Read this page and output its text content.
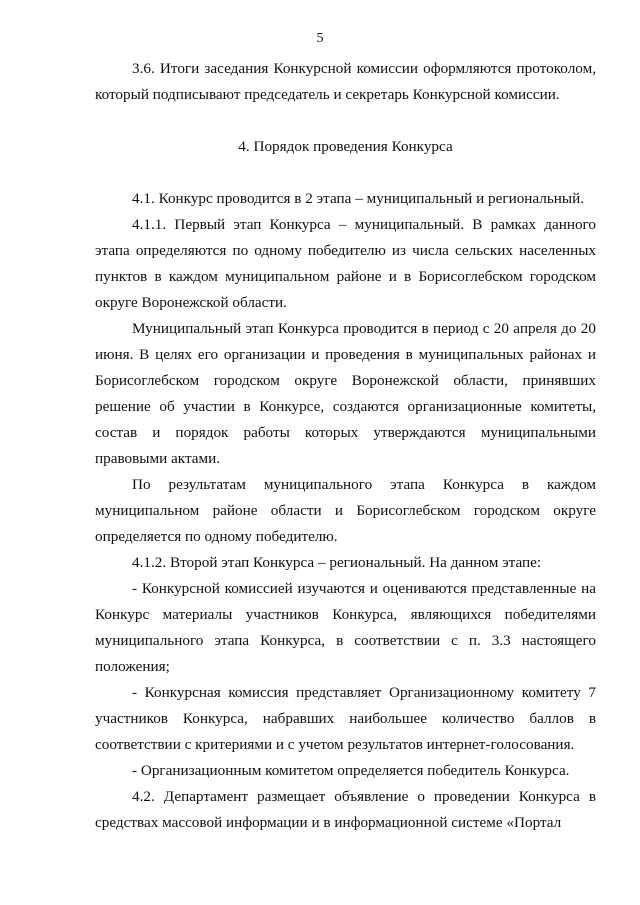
5

3.6. Итоги заседания Конкурсной комиссии оформляются протоколом, который подписывают председатель и секретарь Конкурсной комиссии.

4. Порядок проведения Конкурса

4.1. Конкурс проводится в 2 этапа – муниципальный и региональный.

4.1.1. Первый этап Конкурса – муниципальный. В рамках данного этапа определяются по одному победителю из числа сельских населенных пунктов в каждом муниципальном районе и в Борисоглебском городском округе Воронежской области.

Муниципальный этап Конкурса проводится в период с 20 апреля до 20 июня. В целях его организации и проведения в муниципальных районах и Борисоглебском городском округе Воронежской области, принявших решение об участии в Конкурсе, создаются организационные комитеты, состав и порядок работы которых утверждаются муниципальными правовыми актами.

По результатам муниципального этапа Конкурса в каждом муниципальном районе области и Борисоглебском городском округе определяется по одному победителю.

4.1.2. Второй этап Конкурса – региональный. На данном этапе:

- Конкурсной комиссией изучаются и оцениваются представленные на Конкурс материалы участников Конкурса, являющихся победителями муниципального этапа Конкурса, в соответствии с п. 3.3 настоящего положения;

- Конкурсная комиссия представляет Организационному комитету 7 участников Конкурса, набравших наибольшее количество баллов в соответствии с критериями и с учетом результатов интернет-голосования.

- Организационным комитетом определяется победитель Конкурса.

4.2. Департамент размещает объявление о проведении Конкурса в средствах массовой информации и в информационной системе «Портал
